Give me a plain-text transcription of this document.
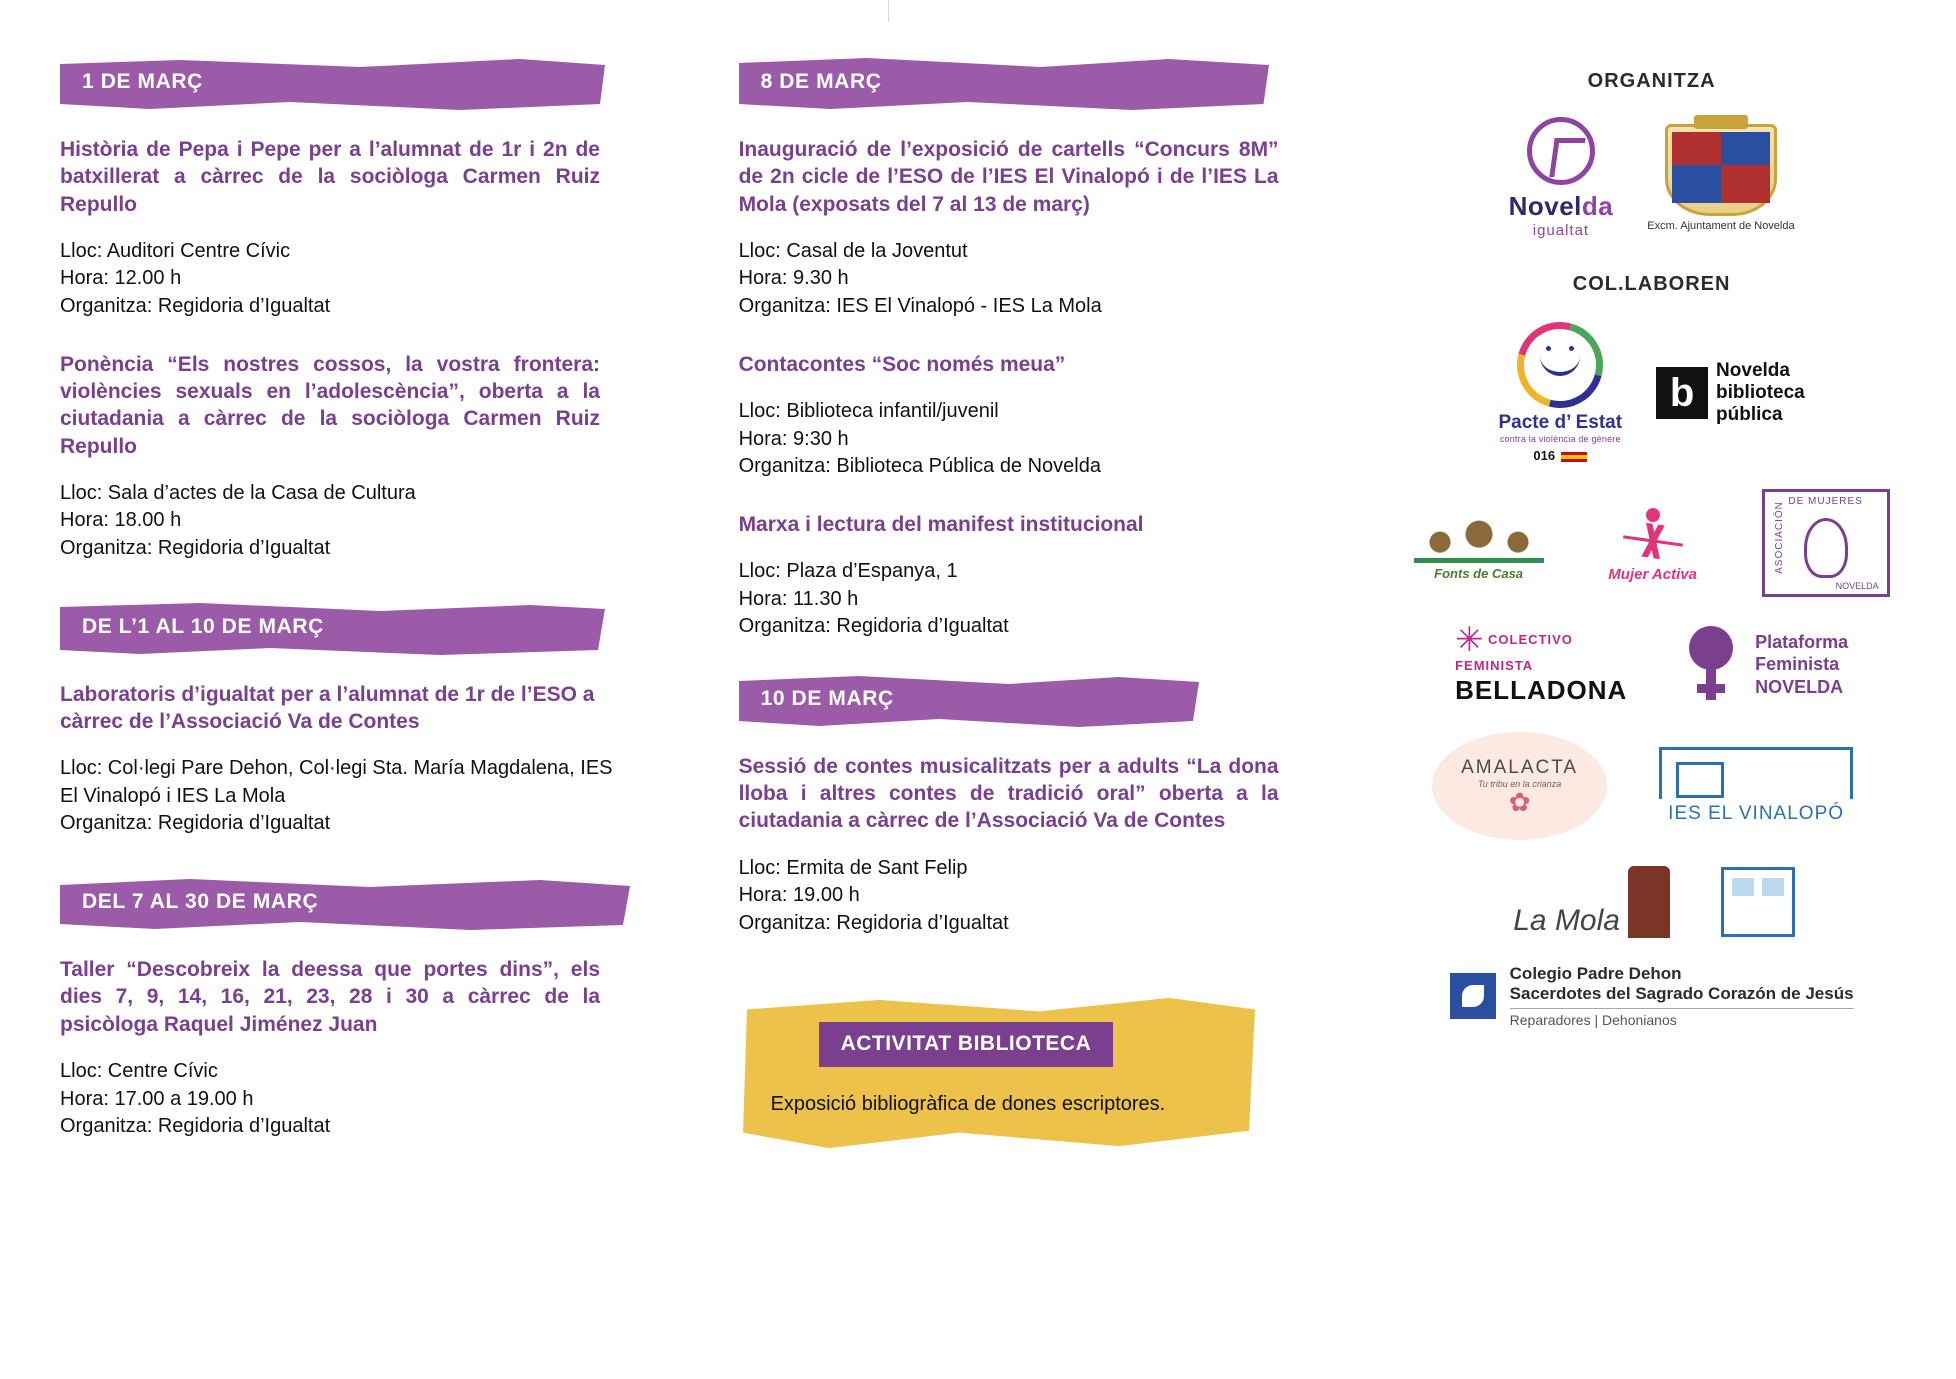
1 DE MARÇ
Història de Pepa i Pepe per a l’alumnat de 1r i 2n de batxillerat a càrrec de la sociòloga Carmen Ruiz Repullo
Lloc: Auditori Centre Cívic
Hora: 12.00 h
Organitza: Regidoria d’Igualtat
Ponència “Els nostres cossos, la vostra frontera: violències sexuals en l’adolescència”, oberta a la ciutadania a càrrec de la sociòloga Carmen Ruiz Repullo
Lloc: Sala d’actes de la Casa de Cultura
Hora: 18.00 h
Organitza: Regidoria d’Igualtat
DE L’1 AL 10 DE MARÇ
Laboratoris d’igualtat per a l’alumnat de 1r de l’ESO a càrrec de l’Associació Va de Contes
Lloc: Col·legi Pare Dehon, Col·legi Sta. María Magdalena, IES El Vinalopó i IES La Mola
Organitza: Regidoria d’Igualtat
DEL 7 AL 30 DE MARÇ
Taller “Descobreix la deessa que portes dins”, els dies 7, 9, 14, 16, 21, 23, 28 i 30 a càrrec de la psicòloga Raquel Jiménez Juan
Lloc: Centre Cívic
Hora: 17.00 a 19.00 h
Organitza: Regidoria d’Igualtat
8 DE MARÇ
Inauguració de l’exposició de cartells “Concurs 8M” de 2n cicle de l’ESO de l’IES El Vinalopó i de l’IES La Mola (exposats del 7 al 13 de març)
Lloc: Casal de la Joventut
Hora: 9.30 h
Organitza: IES El Vinalopó - IES La Mola
Contacontes “Soc només meua”
Lloc: Biblioteca infantil/juvenil
Hora: 9:30 h
Organitza: Biblioteca Pública de Novelda
Marxa i lectura del manifest institucional
Lloc: Plaza d’Espanya, 1
Hora: 11.30 h
Organitza: Regidoria d’Igualtat
10 DE MARÇ
Sessió de contes musicalitzats per a adults “La dona lloba i altres contes de tradició oral” oberta a la ciutadania a càrrec de l’Associació Va de Contes
Lloc: Ermita de Sant Felip
Hora: 19.00 h
Organitza: Regidoria d’Igualtat
ACTIVITAT BIBLIOTECA
Exposició bibliogràfica de dones escriptores.
ORGANITZA
Novelda
igualtat	Excm. Ajuntament de Novelda
COL.LABOREN
Pacte d’ Estat
contra la violència de gènere
016
b
Novelda
biblioteca
pública
Fonts de Casa	Mujer Activa
DE MUJERES
ASOCIACIÓN
NOVELDA
✳ COLECTIVO FEMINISTA
BELLADONA
Plataforma
Feminista
NOVELDA
AMALACTA
Tu tribu en la crianza
✿	IES EL VINALOPÓ
La Mola
Colegio Padre Dehon
Sacerdotes del Sagrado Corazón de Jesús
Reparadores | Dehonianos
